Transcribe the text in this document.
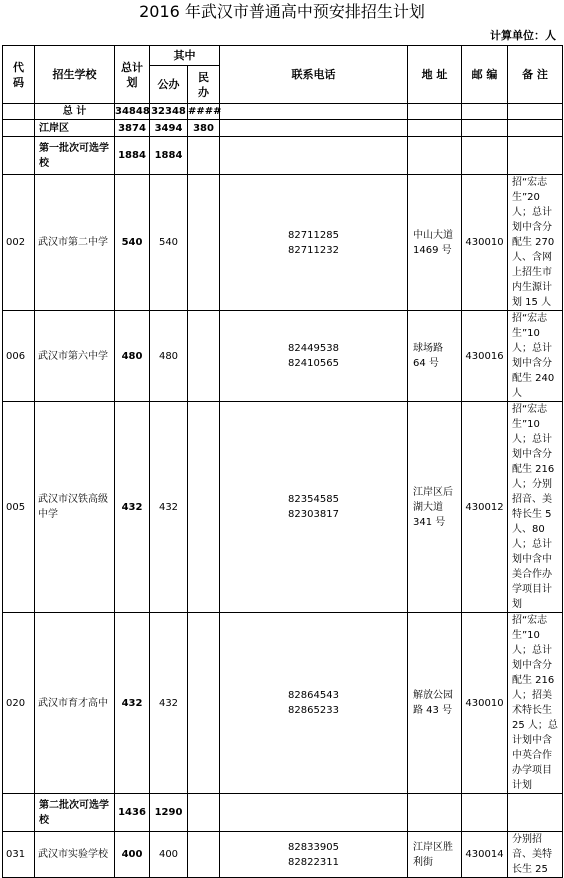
2016 年武汉市普通高中预安排招生计划
计算单位：人
代码	招生学校	总计划	其中		联系电话	地 址	邮 编	备 注
			公办	民办				
	总 计	34848	32348	####				
	江岸区	3874	3494	380				
	第一批次可选学校	1884	1884					
002	武汉市第二中学	540	540		82711285
82711232	中山大道 1469 号	430010	招“宏志生”20 人；总计划中含分配生 270 人、含网上招生市内生源计划 15 人
006	武汉市第六中学	480	480		82449538
82410565	球场路 64 号	430016	招“宏志生”10 人；总计划中含分配生 240 人
005	武汉市汉铁高级中学	432	432		82354585
82303817	江岸区后湖大道 341 号	430012	招“宏志生”10 人；总计划中含分配生 216 人；分别招音、美特长生 5 人、80 人；总计划中含中美合作办学项目计划
020	武汉市育才高中	432	432		82864543
82865233	解放公园路 43 号	430010	招“宏志生”10 人；总计划中含分配生 216 人；招美术特长生 25 人；总计划中含中英合作办学项目计划
	第二批次可选学校	1436	1290					
031	武汉市实验学校	400	400		82833905
82822311	江岸区胜利街	430014	分别招音、美特长生 25
